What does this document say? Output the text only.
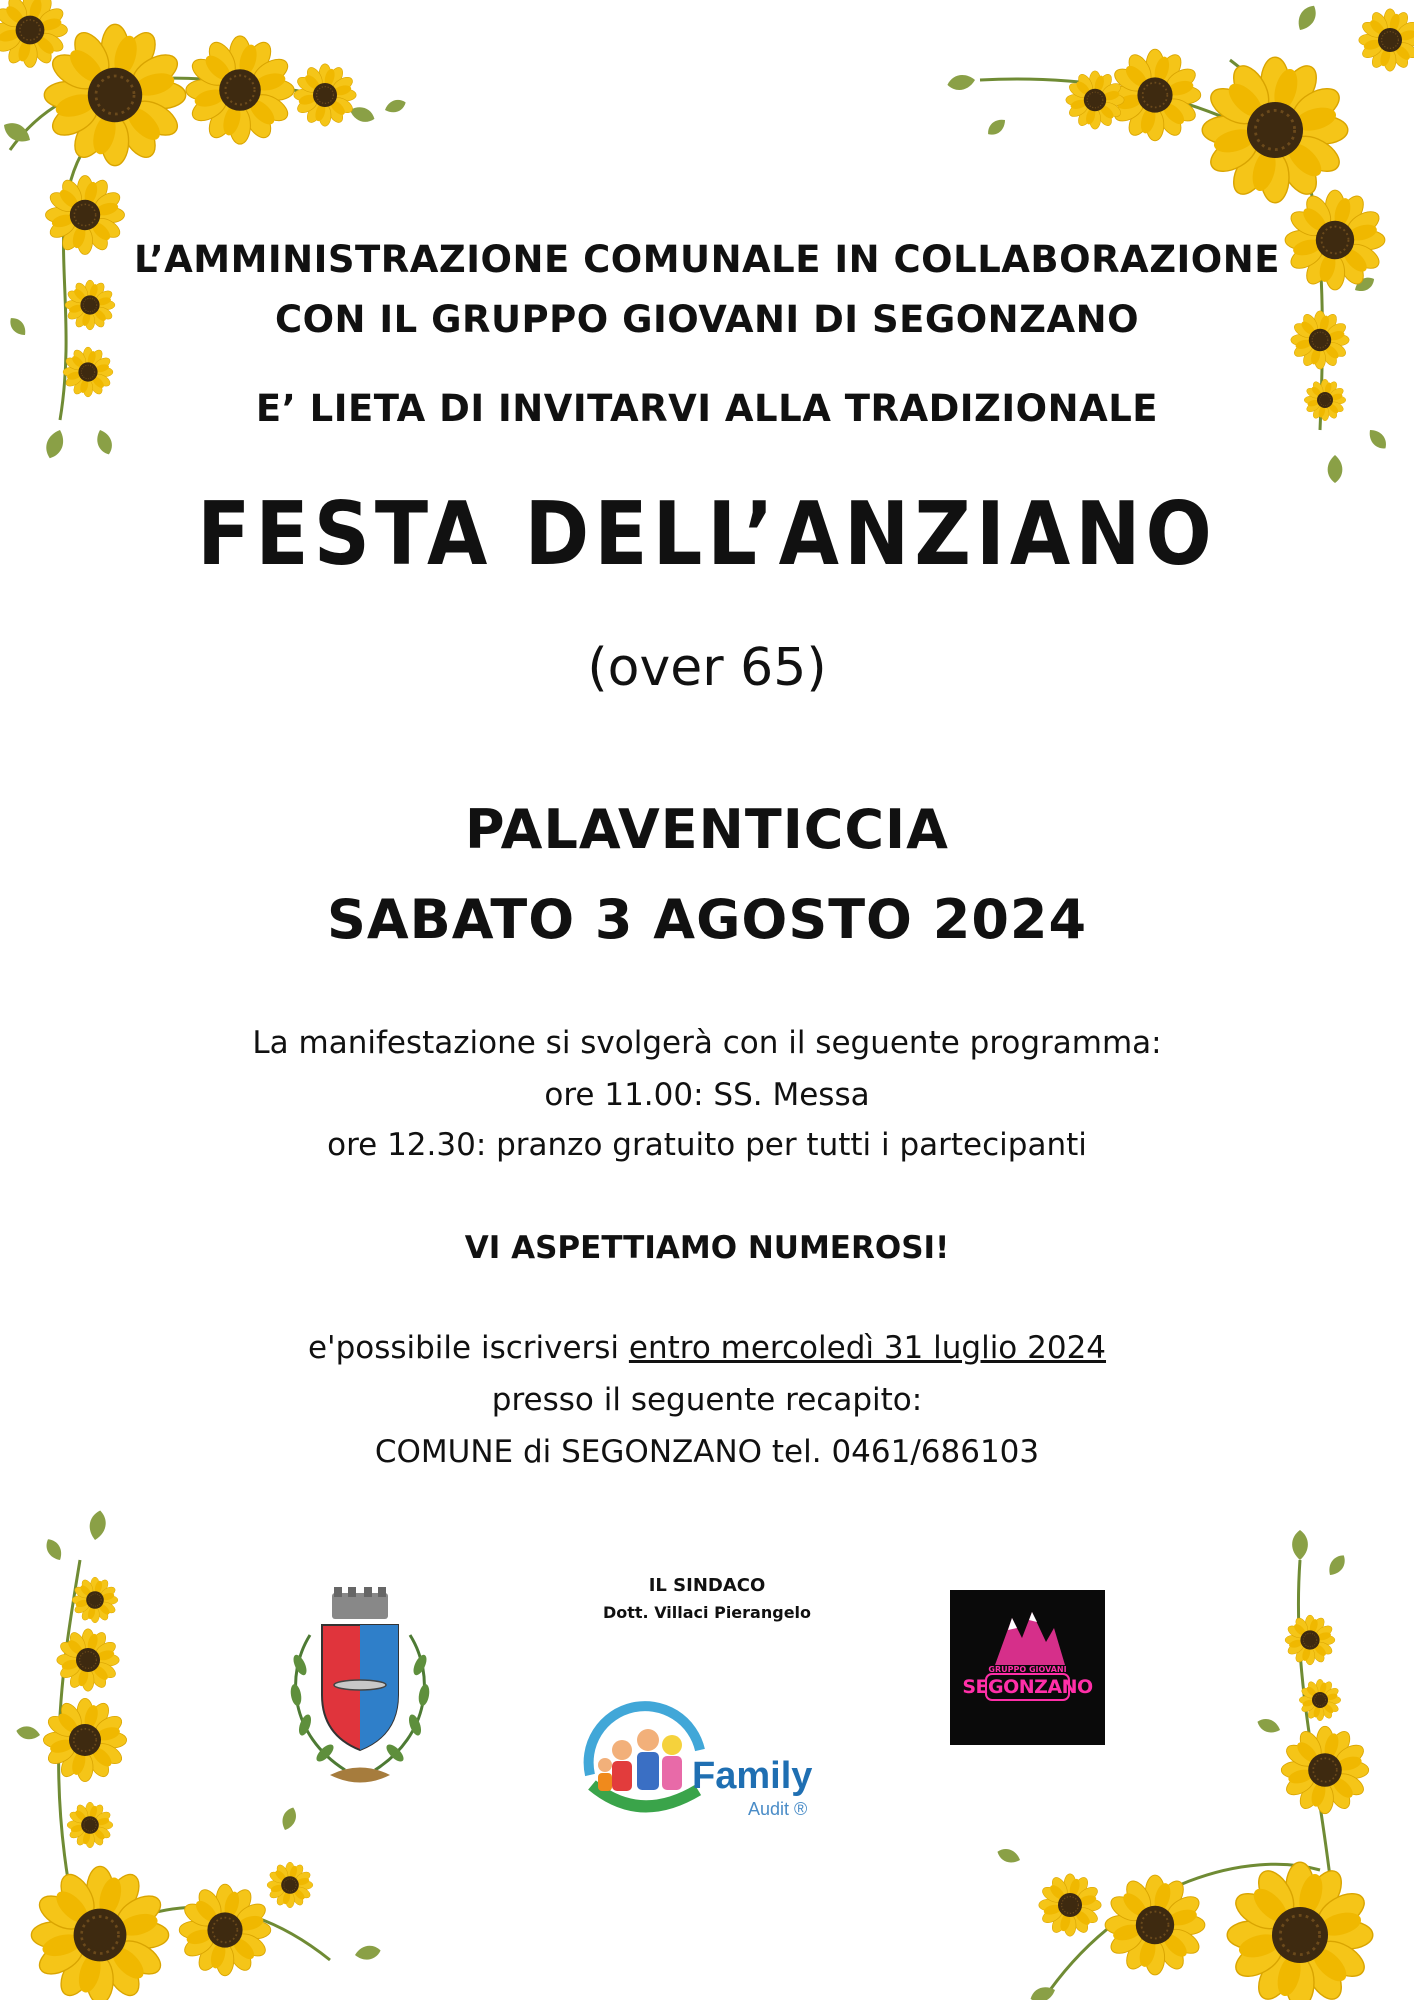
L’AMMINISTRAZIONE COMUNALE IN COLLABORAZIONE
CON IL GRUPPO GIOVANI DI SEGONZANO
E’ LIETA DI INVITARVI ALLA TRADIZIONALE
FESTA DELL’ANZIANO
(over 65)
PALAVENTICCIA
SABATO 3 AGOSTO 2024
La manifestazione si svolgerà con il seguente programma:
ore 11.00: SS. Messa
ore 12.30: pranzo gratuito per tutti i partecipanti
VI ASPETTIAMO NUMEROSI!
e'possibile iscriversi entro mercoledì 31 luglio 2024
presso il seguente recapito:
COMUNE di SEGONZANO tel. 0461/686103
IL SINDACO
Dott. Villaci Pierangelo
Family
Audit ®
GRUPPO GIOVANI
SEGONZANO
